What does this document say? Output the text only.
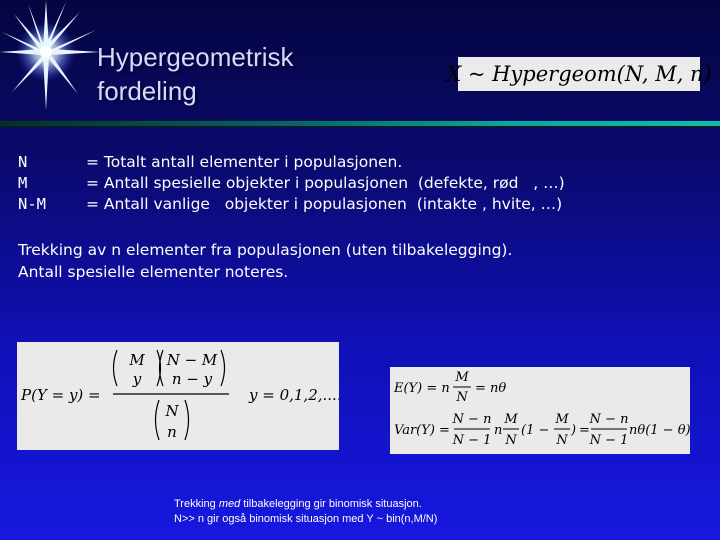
Hypergeometrisk
fordeling
X ~ Hypergeom(N, M, n)
N	= Totalt antall elementer i populasjonen.
M	= Antall spesielle objekter i populasjonen  (defekte, rød   , …)
N-M	= Antall vanlige   objekter i populasjonen  (intakte , hvite, …)
Trekking av n elementer fra populasjonen (uten tilbakelegging).
Antall spesielle elementer noteres.
P(Y = y) =
M
y
N − M
n − y
N
n
y = 0,1,2,.....	E(Y) = n
M
N
= nθ
Var(Y) =
N − n
N − 1
n
M
N
(1 −
M
N
) =
N − n
N − 1
nθ(1 − θ)
Trekking med tilbakelegging gir binomisk situasjon.
N>> n gir også binomisk situasjon med Y ~ bin(n,M/N)
